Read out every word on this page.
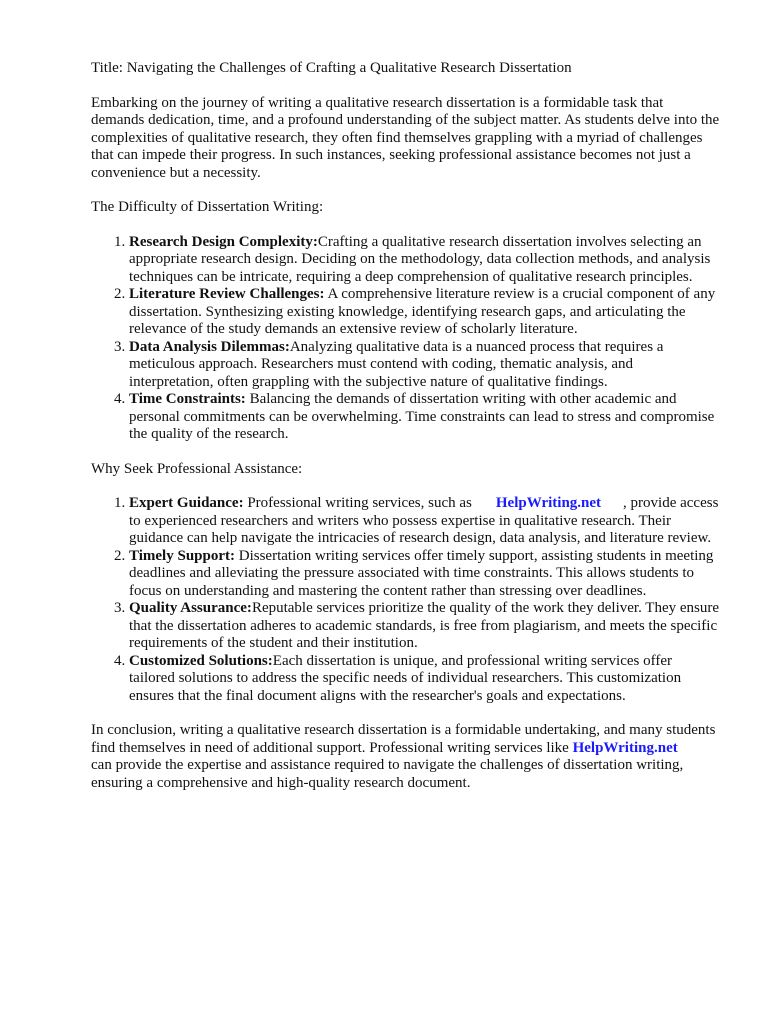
Title: Navigating the Challenges of Crafting a Qualitative Research Dissertation

Embarking on the journey of writing a qualitative research dissertation is a formidable task that demands dedication, time, and a profound understanding of the subject matter. As students delve into the complexities of qualitative research, they often find themselves grappling with a myriad of challenges that can impede their progress. In such instances, seeking professional assistance becomes not just a convenience but a necessity.

The Difficulty of Dissertation Writing:
1. Research Design Complexity:Crafting a qualitative research dissertation involves selecting an appropriate research design. Deciding on the methodology, data collection methods, and analysis techniques can be intricate, requiring a deep comprehension of qualitative research principles.
2. Literature Review Challenges: A comprehensive literature review is a crucial component of any dissertation. Synthesizing existing knowledge, identifying research gaps, and articulating the relevance of the study demands an extensive review of scholarly literature.
3. Data Analysis Dilemmas:Analyzing qualitative data is a nuanced process that requires a meticulous approach. Researchers must contend with coding, thematic analysis, and interpretation, often grappling with the subjective nature of qualitative findings.
4. Time Constraints: Balancing the demands of dissertation writing with other academic and personal commitments can be overwhelming. Time constraints can lead to stress and compromise the quality of the research.
Why Seek Professional Assistance:
1. Expert Guidance: Professional writing services, such as HelpWriting.net , provide access to experienced researchers and writers who possess expertise in qualitative research. Their guidance can help navigate the intricacies of research design, data analysis, and literature review.
2. Timely Support: Dissertation writing services offer timely support, assisting students in meeting deadlines and alleviating the pressure associated with time constraints. This allows students to focus on understanding and mastering the content rather than stressing over deadlines.
3. Quality Assurance:Reputable services prioritize the quality of the work they deliver. They ensure that the dissertation adheres to academic standards, is free from plagiarism, and meets the specific requirements of the student and their institution.
4. Customized Solutions:Each dissertation is unique, and professional writing services offer tailored solutions to address the specific needs of individual researchers. This customization ensures that the final document aligns with the researcher's goals and expectations.

In conclusion, writing a qualitative research dissertation is a formidable undertaking, and many students find themselves in need of additional support. Professional writing services like HelpWriting.netcan provide the expertise and assistance required to navigate the challenges of dissertation writing, ensuring a comprehensive and high-quality research document.
